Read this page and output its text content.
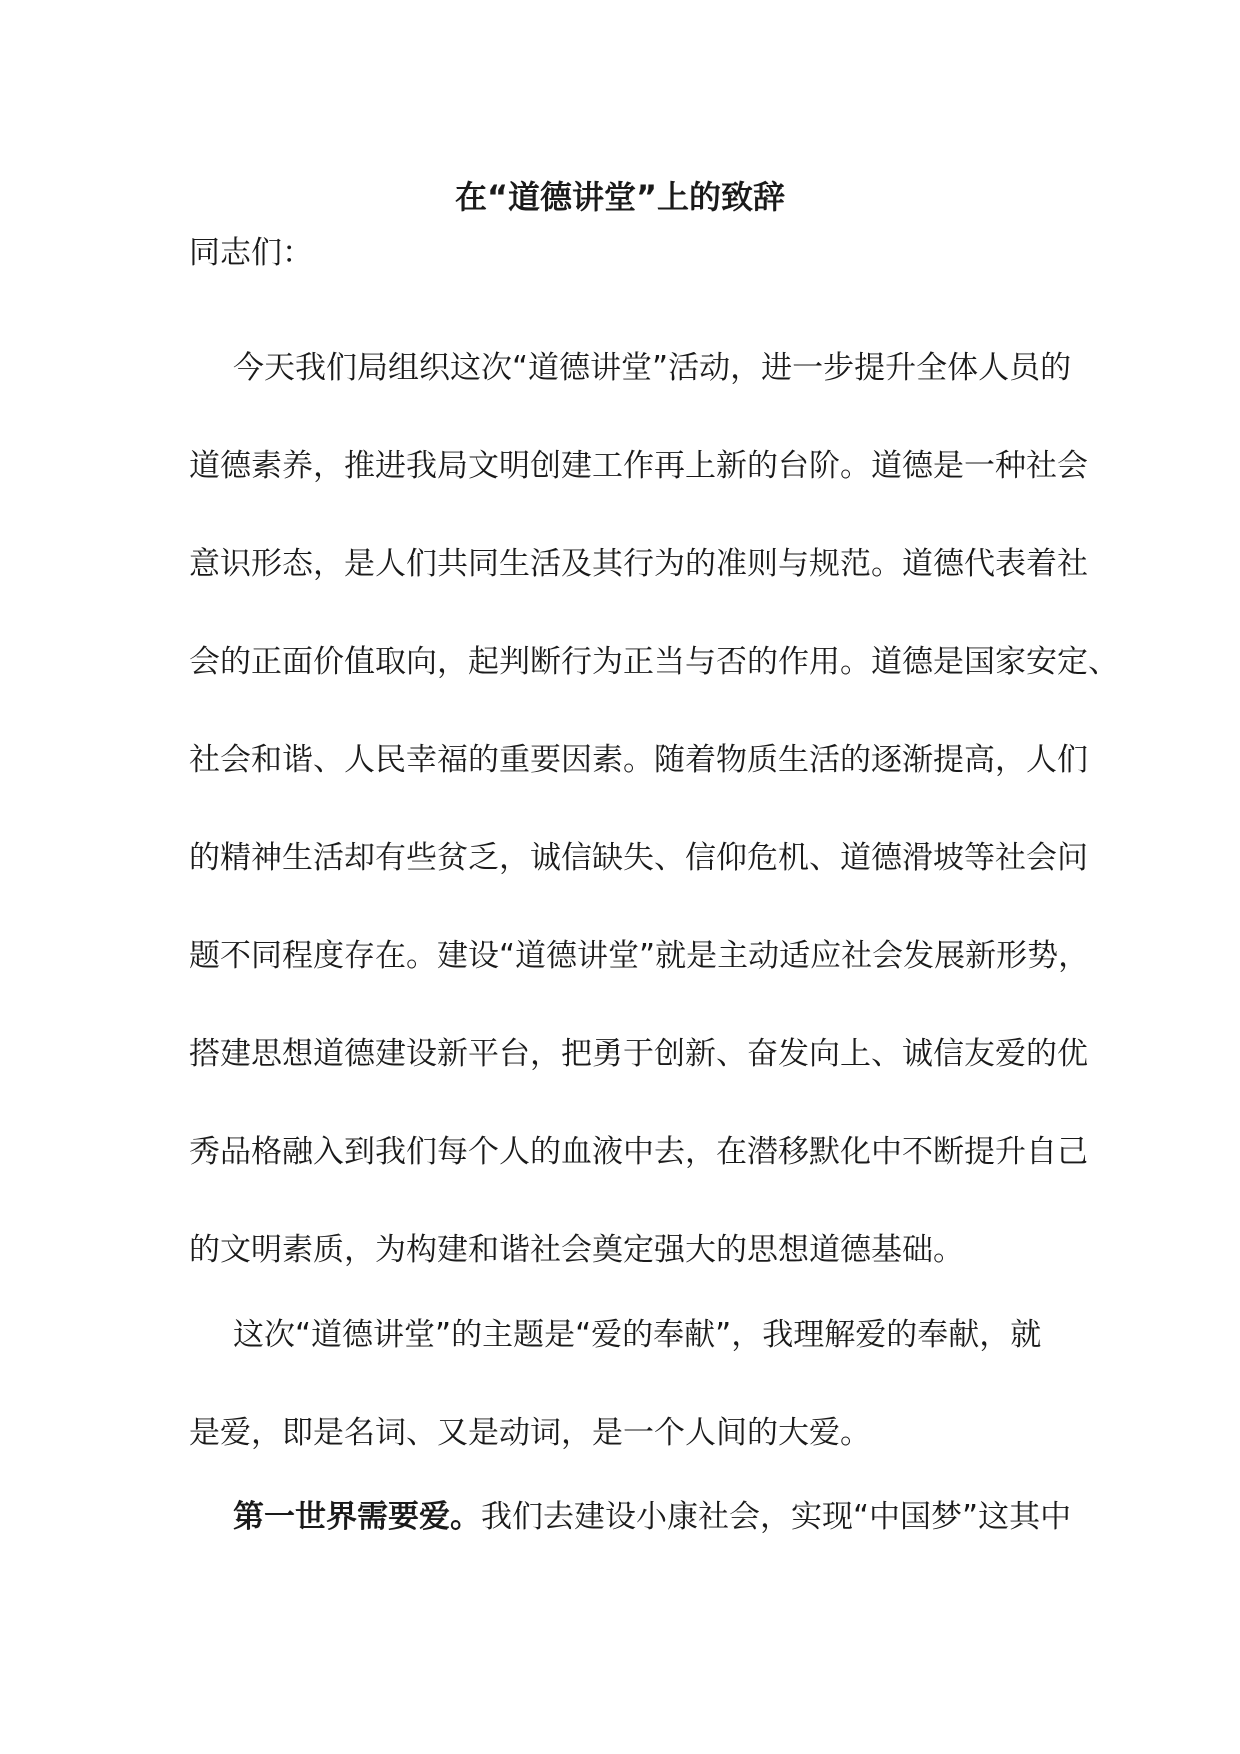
在“道德讲堂”上的致辞
同志们：
今天我们局组织这次“道德讲堂”活动，进一步提升全体人员的
道德素养，推进我局文明创建工作再上新的台阶。道德是一种社会
意识形态，是人们共同生活及其行为的准则与规范。道德代表着社
会的正面价值取向，起判断行为正当与否的作用。道德是国家安定、
社会和谐、人民幸福的重要因素。随着物质生活的逐渐提高，人们
的精神生活却有些贫乏，诚信缺失、信仰危机、道德滑坡等社会问
题不同程度存在。建设“道德讲堂”就是主动适应社会发展新形势，
搭建思想道德建设新平台，把勇于创新、奋发向上、诚信友爱的优
秀品格融入到我们每个人的血液中去，在潜移默化中不断提升自己
的文明素质，为构建和谐社会奠定强大的思想道德基础。
这次“道德讲堂”的主题是“爱的奉献”，我理解爱的奉献，就
是爱，即是名词、又是动词，是一个人间的大爱。
第一世界需要爱。我们去建设小康社会，实现“中国梦”这其中
